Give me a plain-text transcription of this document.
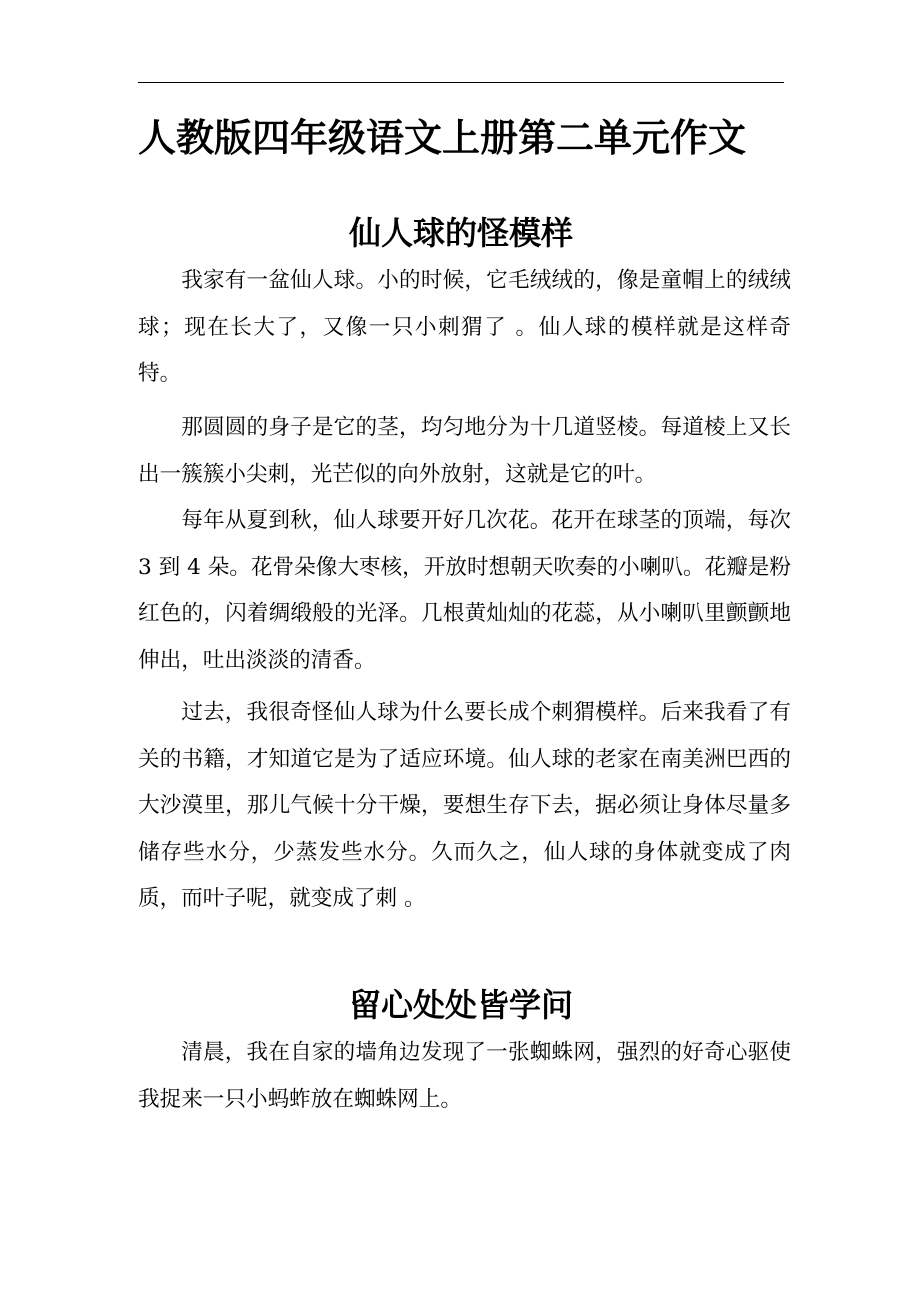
人教版四年级语文上册第二单元作文
仙人球的怪模样

我家有一盆仙人球。小的时候，它毛绒绒的，像是童帽上的绒绒球；现在长大了，又像一只小刺猬了 。仙人球的模样就是这样奇特。

那圆圆的身子是它的茎，均匀地分为十几道竖棱。每道棱上又长出一簇簇小尖刺，光芒似的向外放射，这就是它的叶。

每年从夏到秋，仙人球要开好几次花。花开在球茎的顶端，每次 3 到 4 朵。花骨朵像大枣核，开放时想朝天吹奏的小喇叭。花瓣是粉红色的，闪着绸缎般的光泽。几根黄灿灿的花蕊，从小喇叭里颤颤地伸出，吐出淡淡的清香。

过去，我很奇怪仙人球为什么要长成个刺猬模样。后来我看了有关的书籍，才知道它是为了适应环境。仙人球的老家在南美洲巴西的大沙漠里，那儿气候十分干燥，要想生存下去，据必须让身体尽量多储存些水分，少蒸发些水分。久而久之，仙人球的身体就变成了肉质，而叶子呢，就变成了刺 。

留心处处皆学问

清晨，我在自家的墙角边发现了一张蜘蛛网，强烈的好奇心驱使我捉来一只小蚂蚱放在蜘蛛网上。
